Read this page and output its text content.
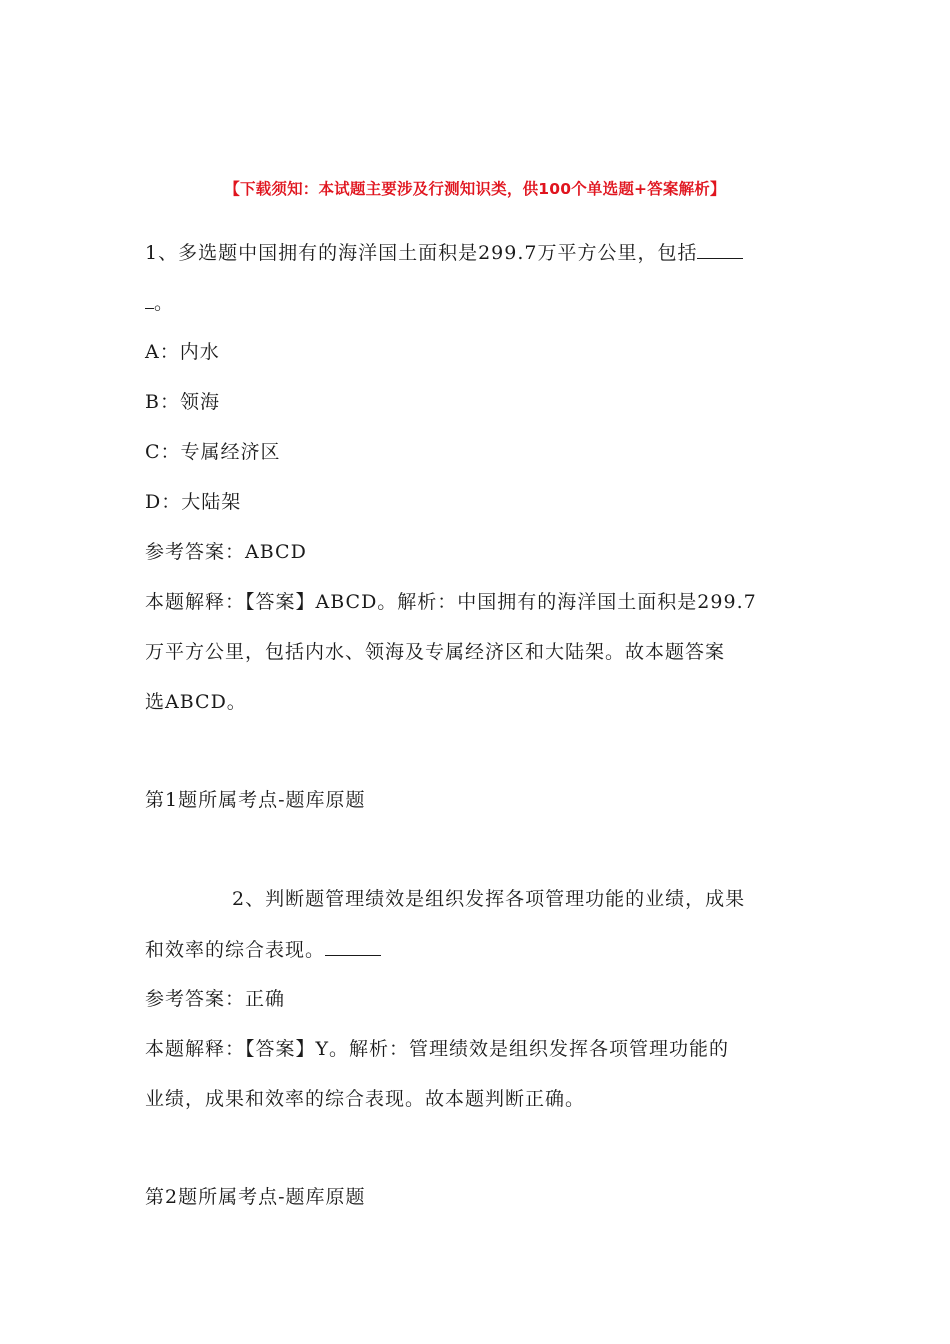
【下载须知：本试题主要涉及行测知识类，供100个单选题+答案解析】
1、多选题中国拥有的海洋国土面积是299.7万平方公里，包括
。
A：内水
B：领海
C：专属经济区
D：大陆架
参考答案：ABCD
本题解释：【答案】ABCD。解析：中国拥有的海洋国土面积是299.7
万平方公里，包括内水、领海及专属经济区和大陆架。故本题答案
选ABCD。
第1题所属考点-题库原题
2、判断题管理绩效是组织发挥各项管理功能的业绩，成果
和效率的综合表现。
参考答案：正确
本题解释：【答案】Y。解析：管理绩效是组织发挥各项管理功能的
业绩，成果和效率的综合表现。故本题判断正确。
第2题所属考点-题库原题
